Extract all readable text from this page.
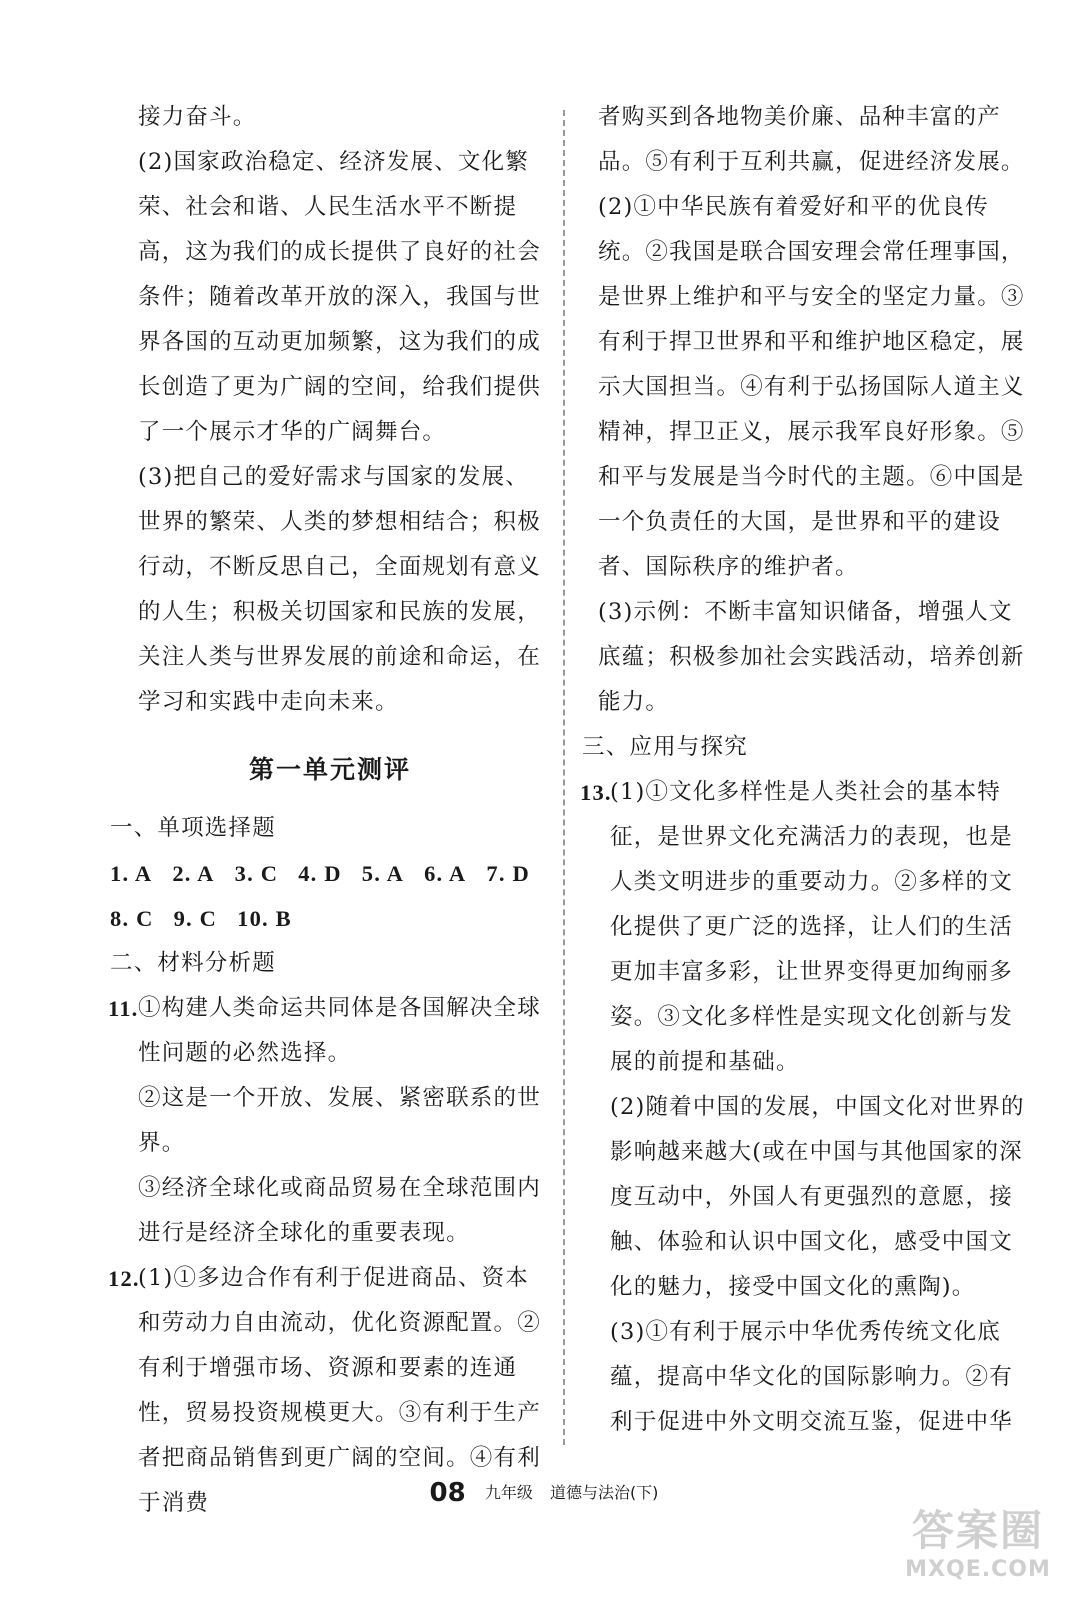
接力奋斗。

(2)国家政治稳定、经济发展、文化繁荣、社会和谐、人民生活水平不断提高，这为我们的成长提供了良好的社会条件；随着改革开放的深入，我国与世界各国的互动更加频繁，这为我们的成长创造了更为广阔的空间，给我们提供了一个展示才华的广阔舞台。

(3)把自己的爱好需求与国家的发展、世界的繁荣、人类的梦想相结合；积极行动，不断反思自己，全面规划有意义的人生；积极关切国家和民族的发展，关注人类与世界发展的前途和命运，在学习和实践中走向未来。

第一单元测评

一、单项选择题

1. A 2. A 3. C 4. D 5. A 6. A 7. D

8. C 9. C 10. B

二、材料分析题

11. ①构建人类命运共同体是各国解决全球性问题的必然选择。

②这是一个开放、发展、紧密联系的世界。

③经济全球化或商品贸易在全球范围内进行是经济全球化的重要表现。

12.

(1)①多边合作有利于促进商品、资本和劳动力自由流动，优化资源配置。②有利于增强市场、资源和要素的连通性，贸易投资规模更大。③有利于生产者把商品销售到更广阔的空间。④有利于消费

者购买到各地物美价廉、品种丰富的产品。⑤有利于互利共赢，促进经济发展。

(2)①中华民族有着爱好和平的优良传统。②我国是联合国安理会常任理事国，是世界上维护和平与安全的坚定力量。③有利于捍卫世界和平和维护地区稳定，展示大国担当。④有利于弘扬国际人道主义精神，捍卫正义，展示我军良好形象。⑤和平与发展是当今时代的主题。⑥中国是一个负责任的大国，是世界和平的建设者、国际秩序的维护者。

(3)示例：不断丰富知识储备，增强人文底蕴；积极参加社会实践活动，培养创新能力。

三、应用与探究

13.

(1)①文化多样性是人类社会的基本特征，是世界文化充满活力的表现，也是人类文明进步的重要动力。②多样的文化提供了更广泛的选择，让人们的生活更加丰富多彩，让世界变得更加绚丽多姿。③文化多样性是实现文化创新与发展的前提和基础。

(2)随着中国的发展，中国文化对世界的影响越来越大(或在中国与其他国家的深度互动中，外国人有更强烈的意愿，接触、体验和认识中国文化，感受中国文化的魅力，接受中国文化的熏陶)。

(3)①有利于展示中华优秀传统文化底蕴，提高中华文化的国际影响力。②有利于促进中外文明交流互鉴，促进中华

08 九年级 道德与法治(下)
答案圈
MXQE.COM
